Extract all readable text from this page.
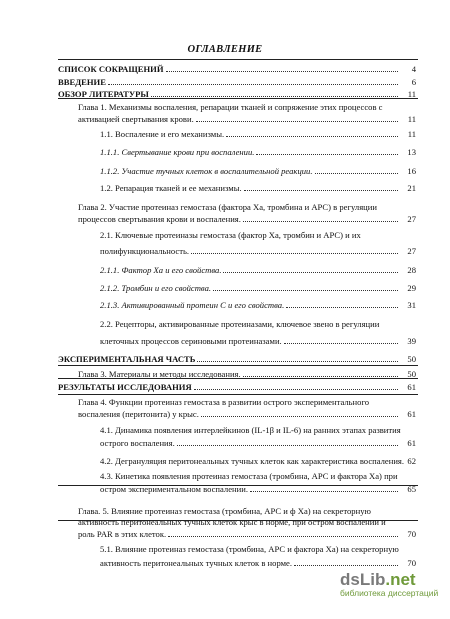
ОГЛАВЛЕНИЕ
СПИСОК СОКРАЩЕНИЙ	4
ВВЕДЕНИЕ	6
ОБЗОР ЛИТЕРАТУРЫ	11
Глава 1. Механизмы воспаления, репарации тканей и сопряжение этих процессов с
активацией свертывания крови.	11
1.1. Воспаление и его механизмы.	11
1.1.1. Свертывание крови при воспалении.	13
1.1.2. Участие тучных клеток в воспалительной реакции.	16
1.2. Репарация тканей и ее механизмы.	21
Глава 2. Участие протеиназ гемостаза (фактора Ха, тромбина и АРС) в регуляции
процессов свертывания крови и воспаления.	27
2.1. Ключевые протеиназы гемостаза (фактор Ха, тромбин и АРС) и их
полифункциональность.	27
2.1.1. Фактор Ха и его свойства.	28
2.1.2. Тромбин и его свойства.	29
2.1.3. Активированный протеин С и его свойства.	31
2.2. Рецепторы, активированные протеиназами, ключевое звено в регуляции
клеточных процессов сериновыми протеиназами.	39
ЭКСПЕРИМЕНТАЛЬНАЯ ЧАСТЬ	50
Глава 3. Материалы и методы исследования.	50
РЕЗУЛЬТАТЫ ИССЛЕДОВАНИЯ	61
Глава 4. Функции протеиназ гемостаза в развитии острого экспериментального
воспаления (перитонита) у крыс.	61
4.1. Динамика появления интерлейкинов (IL-1β и IL-6) на ранних этапах развития
острого воспаления.	61
4.2. Дегрануляция перитонеальных тучных клеток как характеристика воспаления. 62
4.3. Кинетика появления протеиназ гемостаза (тромбина, АРС и фактора Ха) при
остром экспериментальном воспалении.	65
Глава. 5. Влияние протеиназ гемостаза (тромбина, АРС и ф Ха) на секреторную
активность перитонеальных тучных клеток крыс в норме, при остром воспалении и
роль PAR в этих клеток.	70
5.1. Влияние протеиназ гемостаза (тромбина, АРС и фактора Ха) на секреторную
активность перитонеальных тучных клеток в норме.	70
dsLib.net
библиотека диссертаций
